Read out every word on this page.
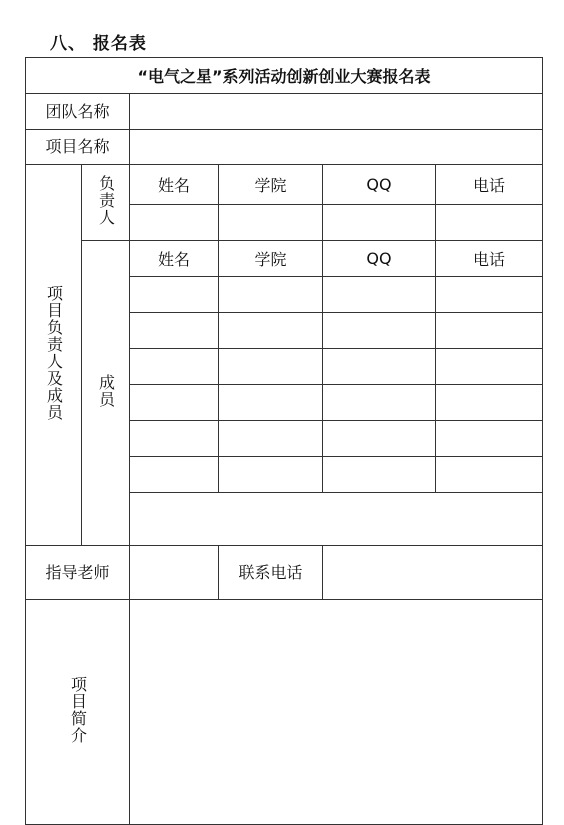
八、 报名表
“电气之星”系列活动创新创业大赛报名表					
团队名称					
项目名称					
项目负责人及成员	负责人	姓名	学院	QQ	电话

	成员	姓名	学院	QQ	电话

指导老师			联系电话		
项目简介					
